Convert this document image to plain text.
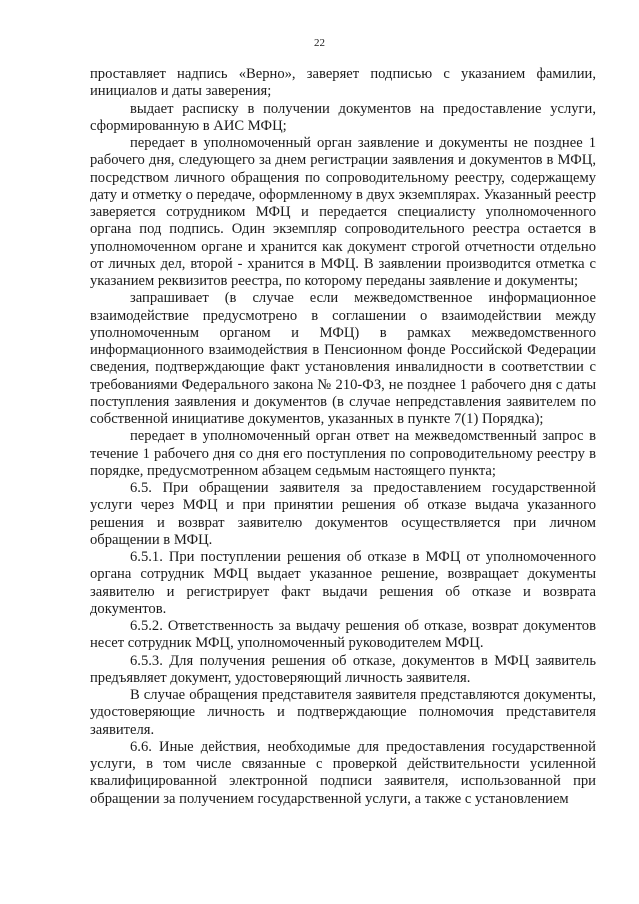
22

проставляет надпись «Верно», заверяет подписью с указанием фамилии, инициалов и даты заверения;

выдает расписку в получении документов на предоставление услуги, сформированную в АИС МФЦ;

передает в уполномоченный орган заявление и документы не позднее 1 рабочего дня, следующего за днем регистрации заявления и документов в МФЦ, посредством личного обращения по сопроводительному реестру, содержащему дату и отметку о передаче, оформленному в двух экземплярах. Указанный реестр заверяется сотрудником МФЦ и передается специалисту уполномоченного органа под подпись. Один экземпляр сопроводительного реестра остается в уполномоченном органе и хранится как документ строгой отчетности отдельно от личных дел, второй - хранится в МФЦ. В заявлении производится отметка с указанием реквизитов реестра, по которому переданы заявление и документы;

запрашивает (в случае если межведомственное информационное взаимодействие предусмотрено в соглашении о взаимодействии между уполномоченным органом и МФЦ) в рамках межведомственного информационного взаимодействия в Пенсионном фонде Российской Федерации сведения, подтверждающие факт установления инвалидности в соответствии с требованиями Федерального закона № 210-ФЗ, не позднее 1 рабочего дня с даты поступления заявления и документов (в случае непредставления заявителем по собственной инициативе документов, указанных в пункте 7(1) Порядка);

передает в уполномоченный орган ответ на межведомственный запрос в течение 1 рабочего дня со дня его поступления по сопроводительному реестру в порядке, предусмотренном абзацем седьмым настоящего пункта;

6.5. При обращении заявителя за предоставлением государственной услуги через МФЦ и при принятии решения об отказе выдача указанного решения и возврат заявителю документов осуществляется при личном обращении в МФЦ.

6.5.1. При поступлении решения об отказе в МФЦ от уполномоченного органа сотрудник МФЦ выдает указанное решение, возвращает документы заявителю и регистрирует факт выдачи решения об отказе и возврата документов.

6.5.2. Ответственность за выдачу решения об отказе, возврат документов несет сотрудник МФЦ, уполномоченный руководителем МФЦ.

6.5.3. Для получения решения об отказе, документов в МФЦ заявитель предъявляет документ, удостоверяющий личность заявителя.

В случае обращения представителя заявителя представляются документы, удостоверяющие личность и подтверждающие полномочия представителя заявителя.

6.6. Иные действия, необходимые для предоставления государственной услуги, в том числе связанные с проверкой действительности усиленной квалифицированной электронной подписи заявителя, использованной при обращении за получением государственной услуги, а также с установлением
